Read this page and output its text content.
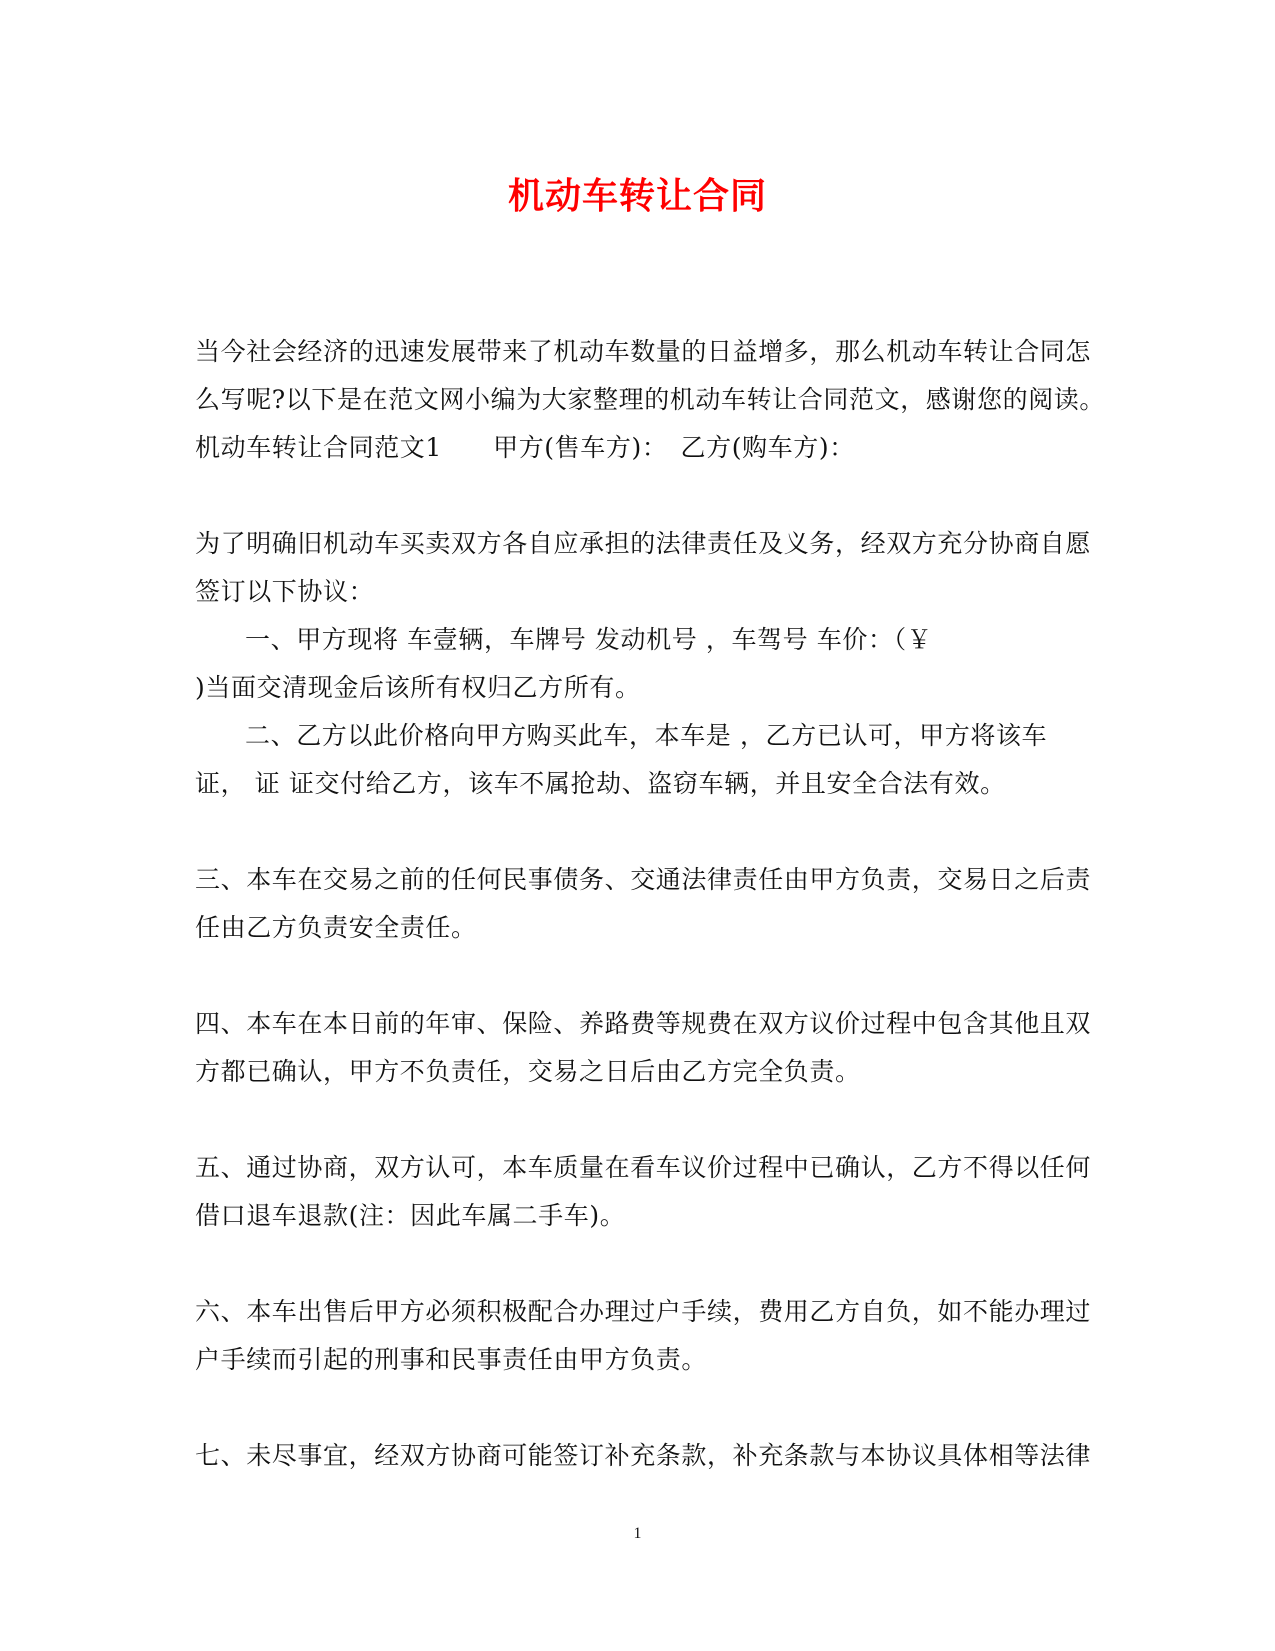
机动车转让合同
当今社会经济的迅速发展带来了机动车数量的日益增多，那么机动车转让合同怎
么写呢?以下是在范文网小编为大家整理的机动车转让合同范文，感谢您的阅读。
机动车转让合同范文1　　甲方(售车方)：　乙方(购车方)：
为了明确旧机动车买卖双方各自应承担的法律责任及义务，经双方充分协商自愿
签订以下协议：
一、甲方现将 车壹辆，车牌号 发动机号 ，车驾号 车价：（￥
)当面交清现金后该所有权归乙方所有。
二、乙方以此价格向甲方购买此车，本车是 ，乙方已认可，甲方将该车
证， 证 证交付给乙方，该车不属抢劫、盗窃车辆，并且安全合法有效。
三、本车在交易之前的任何民事债务、交通法律责任由甲方负责，交易日之后责
任由乙方负责安全责任。
四、本车在本日前的年审、保险、养路费等规费在双方议价过程中包含其他且双
方都已确认，甲方不负责任，交易之日后由乙方完全负责。
五、通过协商，双方认可，本车质量在看车议价过程中已确认，乙方不得以任何
借口退车退款(注：因此车属二手车)。
六、本车出售后甲方必须积极配合办理过户手续，费用乙方自负，如不能办理过
户手续而引起的刑事和民事责任由甲方负责。
七、未尽事宜，经双方协商可能签订补充条款，补充条款与本协议具体相等法律
1
